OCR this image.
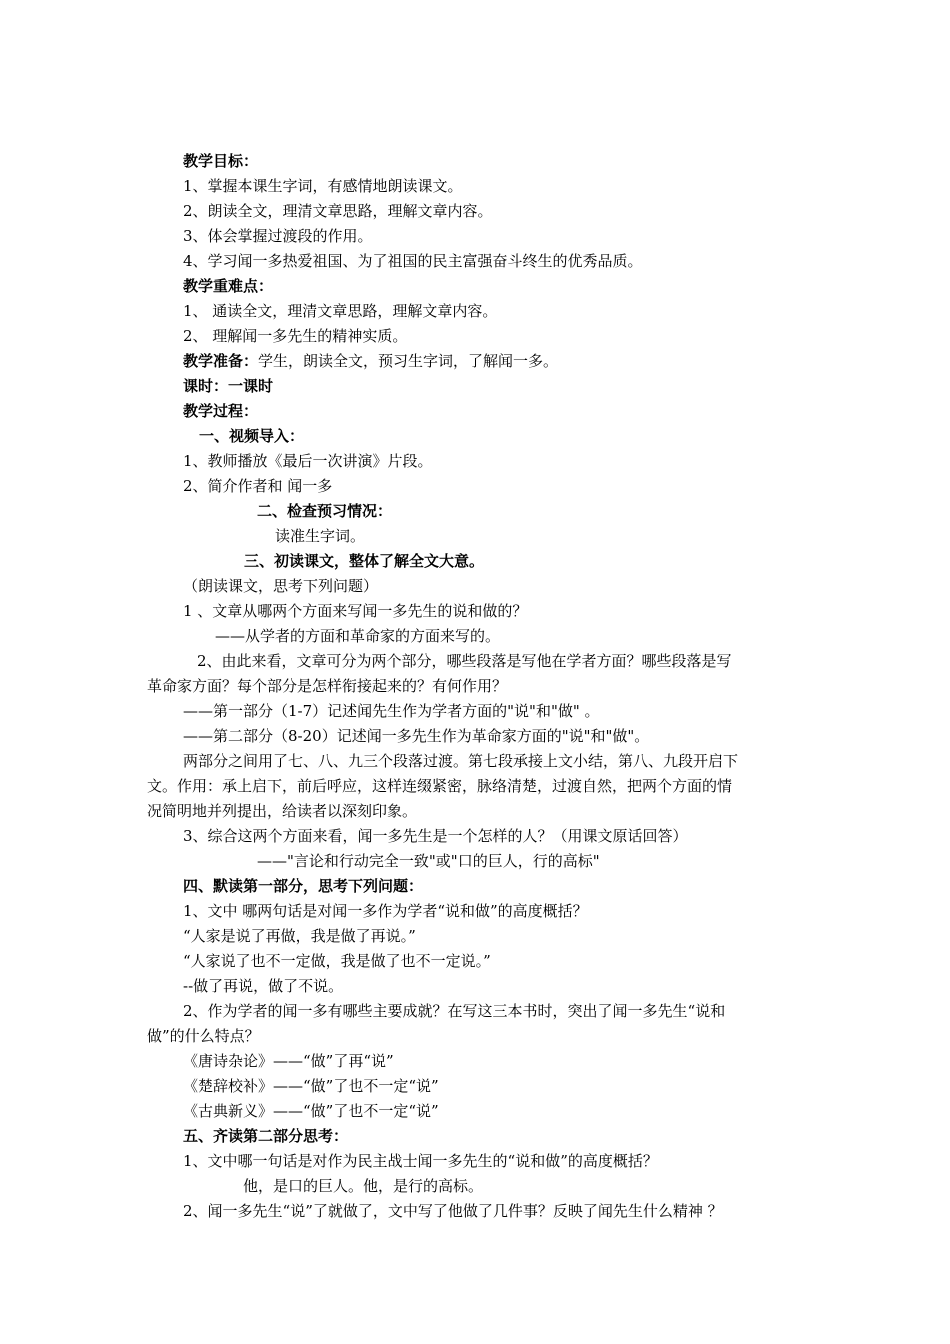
教学目标：
1、掌握本课生字词，有感情地朗读课文。
2、朗读全文，理清文章思路，理解文章内容。
3、体会掌握过渡段的作用。
4、学习闻一多热爱祖国、为了祖国的民主富强奋斗终生的优秀品质。
教学重难点：
1、 通读全文，理清文章思路，理解文章内容。
2、 理解闻一多先生的精神实质。
教学准备：学生，朗读全文，预习生字词，了解闻一多。
课时：一课时
教学过程：
一、视频导入：
1、教师播放《最后一次讲演》片段。
2、简介作者和 闻一多
二、检查预习情况：
读准生字词。
三、初读课文，整体了解全文大意。
（朗读课文，思考下列问题）
1 、文章从哪两个方面来写闻一多先生的说和做的？
——从学者的方面和革命家的方面来写的。
2、由此来看，文章可分为两个部分，哪些段落是写他在学者方面？哪些段落是写
革命家方面？每个部分是怎样衔接起来的？有何作用？
——第一部分（1-7）记述闻先生作为学者方面的"说"和"做" 。
——第二部分（8-20）记述闻一多先生作为革命家方面的"说"和"做"。
两部分之间用了七、八、九三个段落过渡。第七段承接上文小结，第八、九段开启下
文。作用：承上启下，前后呼应，这样连缀紧密，脉络清楚，过渡自然，把两个方面的情
况简明地并列提出，给读者以深刻印象。
3、综合这两个方面来看，闻一多先生是一个怎样的人？（用课文原话回答）
——"言论和行动完全一致"或"口的巨人，行的高标"
四、默读第一部分，思考下列问题：
1、文中 哪两句话是对闻一多作为学者“说和做”的高度概括？
“人家是说了再做，我是做了再说。”
“人家说了也不一定做，我是做了也不一定说。”
--做了再说，做了不说。
2、作为学者的闻一多有哪些主要成就？在写这三本书时，突出了闻一多先生“说和
做”的什么特点？
《唐诗杂论》——“做”了再“说”
《楚辞校补》——“做”了也不一定“说”
《古典新义》——“做”了也不一定“说”
五、齐读第二部分思考：
1、文中哪一句话是对作为民主战士闻一多先生的“说和做”的高度概括？
他，是口的巨人。他，是行的高标。
2、闻一多先生“说”了就做了，文中写了他做了几件事？反映了闻先生什么精神 ？
